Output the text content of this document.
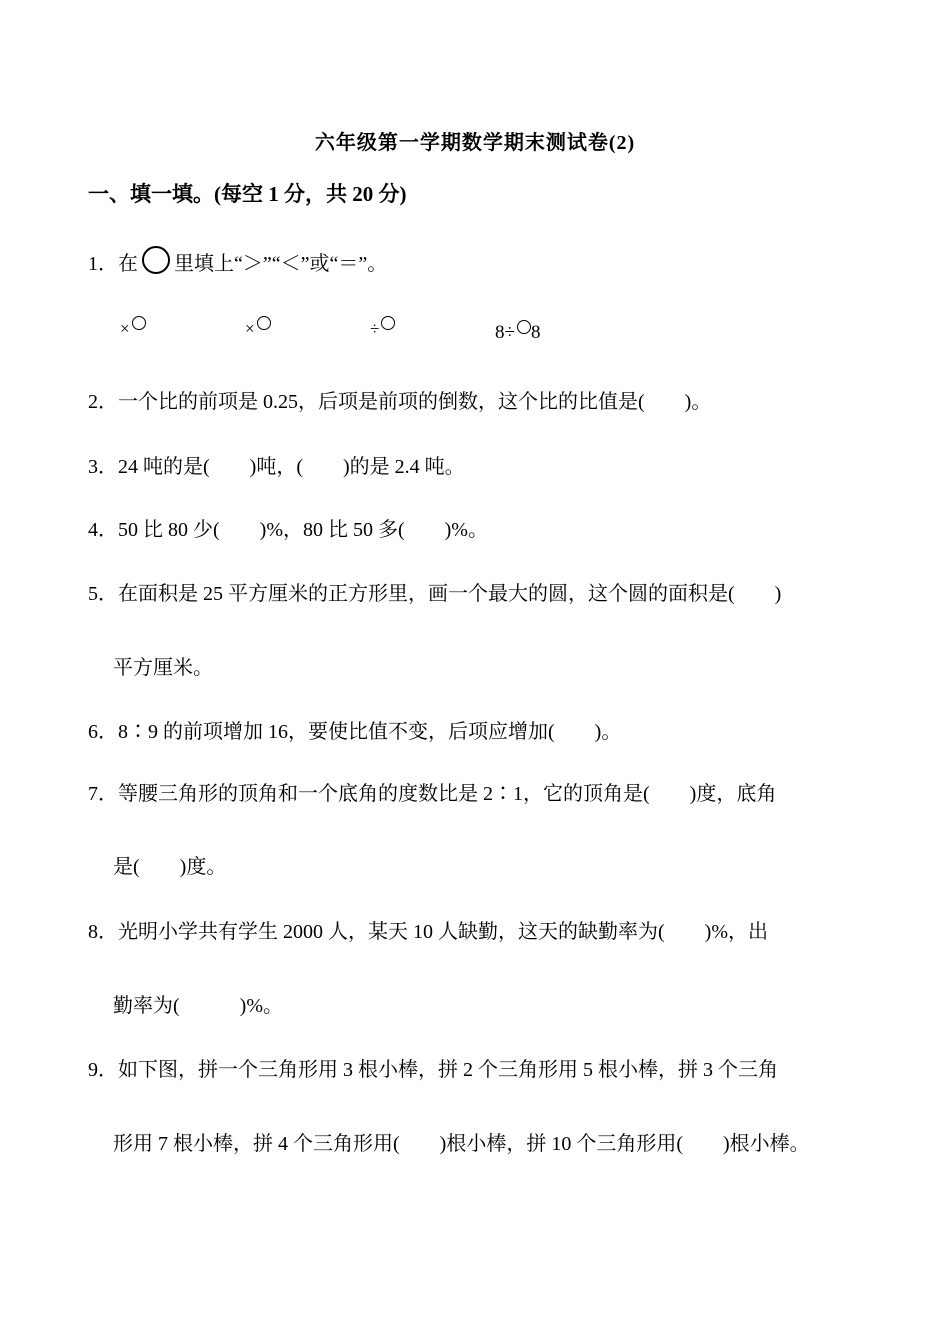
六年级第一学期数学期末测试卷(2)
一、填一填。(每空 1 分，共 20 分)
1．在 里填上“＞”“＜”或“＝”。
×	×	÷	8÷ 8
2．一个比的前项是 0.25，后项是前项的倒数，这个比的比值是(　　)。
3．24 吨的是(　　)吨，(　　)的是 2.4 吨。
4．50 比 80 少(　　)%，80 比 50 多(　　)%。
5．在面积是 25 平方厘米的正方形里，画一个最大的圆，这个圆的面积是(　　)
平方厘米。
6．8∶9 的前项增加 16，要使比值不变，后项应增加(　　)。
7．等腰三角形的顶角和一个底角的度数比是 2∶1，它的顶角是(　　)度，底角
是(　　)度。
8．光明小学共有学生 2000 人，某天 10 人缺勤，这天的缺勤率为(　　)%，出
勤率为(　　　)%。
9．如下图，拼一个三角形用 3 根小棒，拼 2 个三角形用 5 根小棒，拼 3 个三角
形用 7 根小棒，拼 4 个三角形用(　　)根小棒，拼 10 个三角形用(　　)根小棒。
